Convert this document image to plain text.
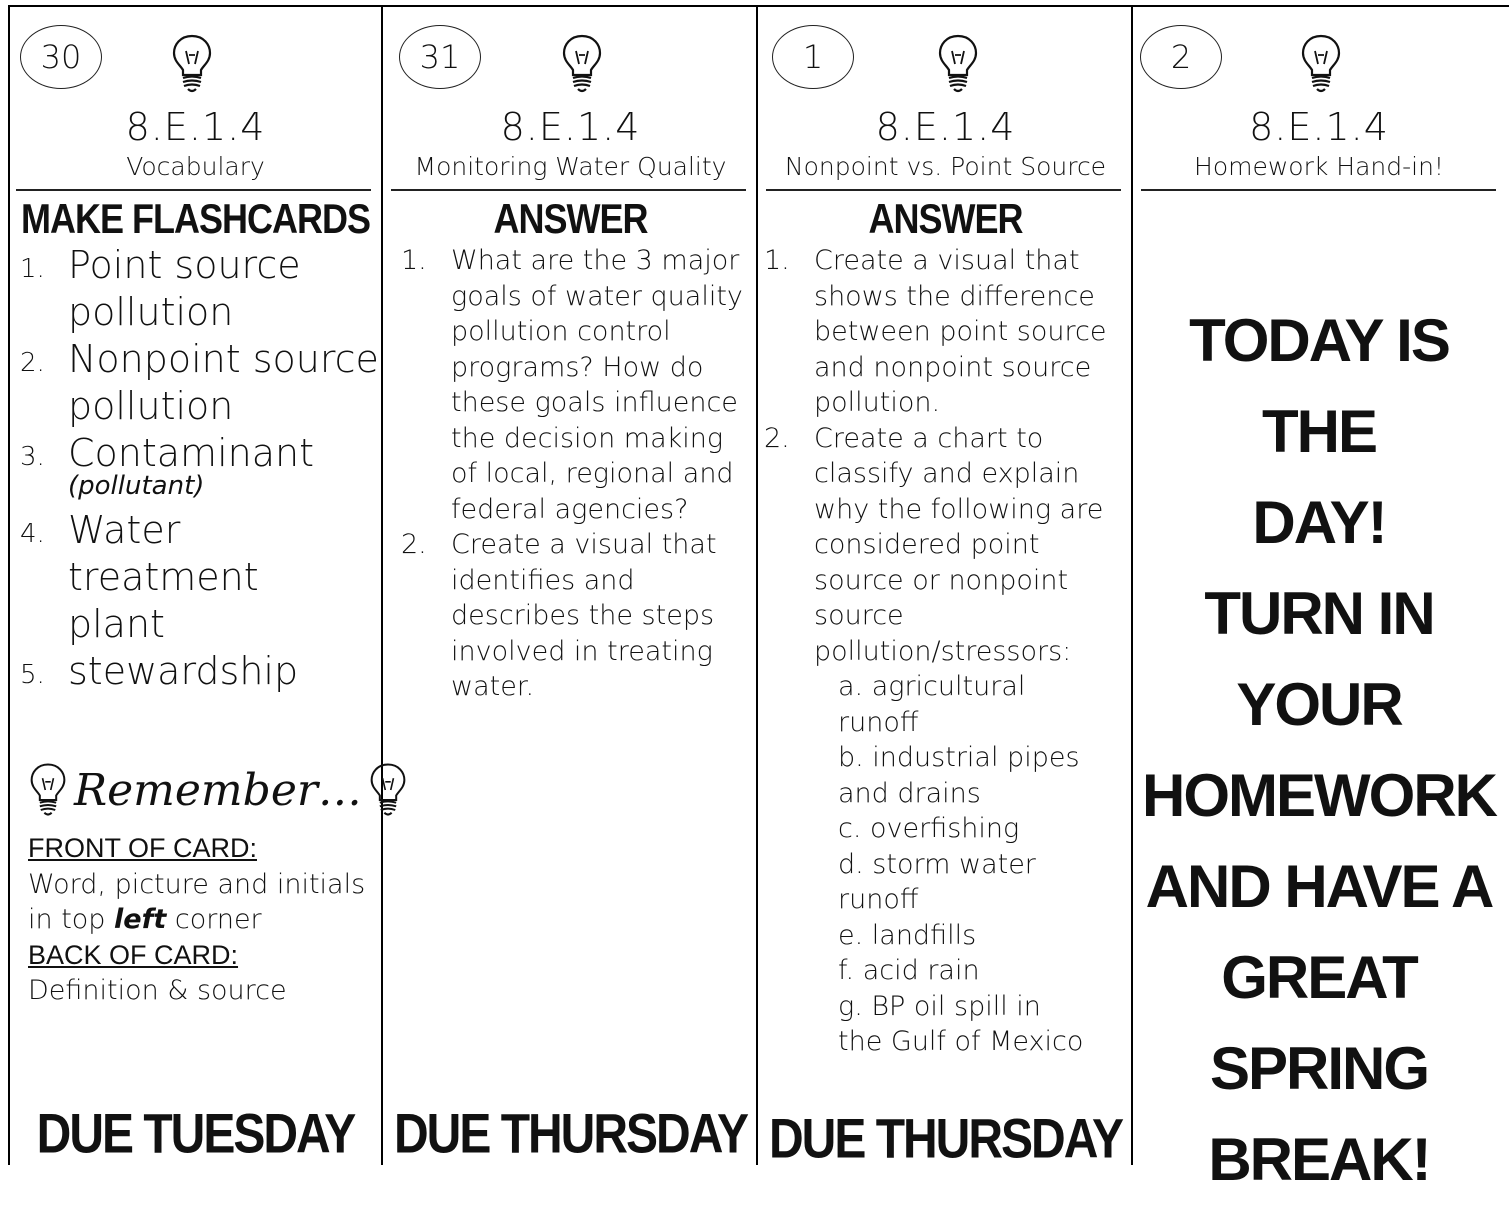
30
8.E.1.4
Vocabulary
MAKE FLASHCARDS
1. Point source pollution
2. Nonpoint source pollution
3. Contaminant
(pollutant)
4. Water treatment plant
5. stewardship
Remember…
FRONT OF CARD:
Word, picture and initials in top left corner
BACK OF CARD:
Definition & source
DUE TUESDAY
31
8.E.1.4
Monitoring Water Quality
ANSWER
1. What are the 3 major goals of water quality pollution control programs? How do these goals influence the decision making of local, regional and federal agencies?
2. Create a visual that identifies and describes the steps involved in treating water.
DUE THURSDAY
1
8.E.1.4
Nonpoint vs. Point Source
ANSWER
1. Create a visual that shows the difference between point source and nonpoint source pollution.
2. Create a chart to classify and explain why the following are considered point source or nonpoint source pollution/stressors:
a. agricultural runoff
b. industrial pipes and drains
c. overfishing
d. storm water runoff
e. landfills
f. acid rain
g. BP oil spill in the Gulf of Mexico
DUE THURSDAY
2
8.E.1.4
Homework Hand-in!
TODAY IS THE
DAY!
TURN IN YOUR
HOMEWORK
AND HAVE A
GREAT
SPRING
BREAK!
